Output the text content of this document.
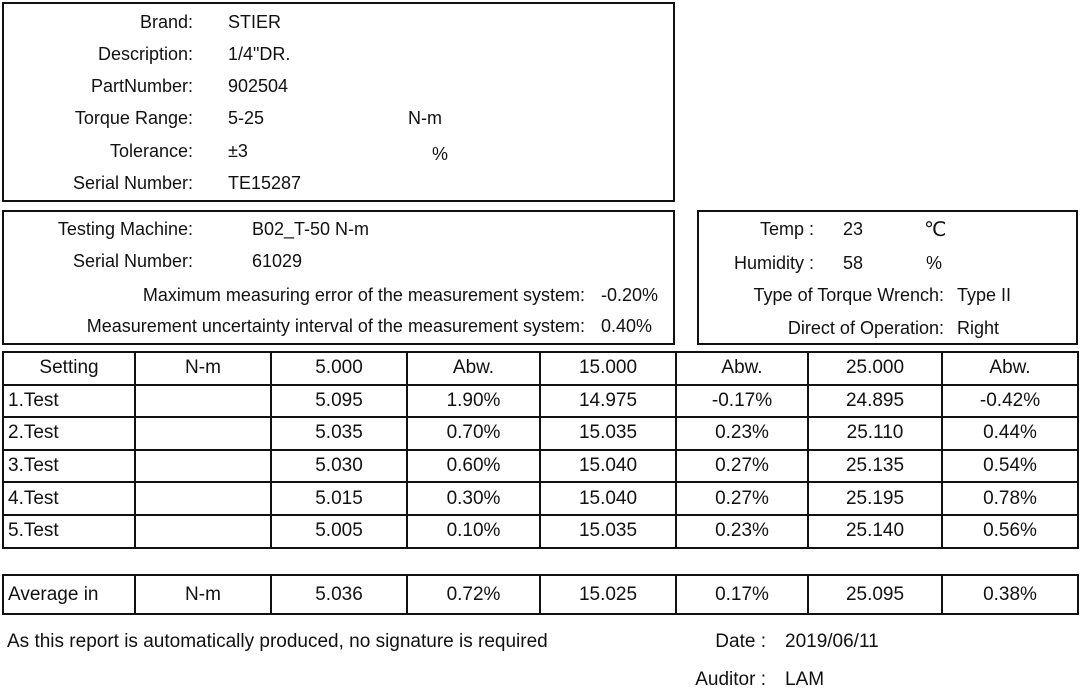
Brand: STIER
Description: 1/4"DR.
PartNumber: 902504
Torque Range: 5-25	N-m
Tolerance: ±3	%
Serial Number: TE15287
Testing Machine:	B02_T-50 N-m
Serial Number:	61029
Maximum measuring error of the measurement system: -0.20%
Measurement uncertainty interval of the measurement system: 0.40%
Temp : 23	℃
Humidity : 58	%
Type of Torque Wrench: Type II
Direct of Operation: Right
Setting	N-m	5.000	Abw.	15.000	Abw.	25.000	Abw.
1.Test		5.095	1.90%	14.975	-0.17%	24.895	-0.42%
2.Test		5.035	0.70%	15.035	0.23%	25.110	0.44%
3.Test		5.030	0.60%	15.040	0.27%	25.135	0.54%
4.Test		5.015	0.30%	15.040	0.27%	25.195	0.78%
5.Test		5.005	0.10%	15.035	0.23%	25.140	0.56%
Average in	N-m	5.036	0.72%	15.025	0.17%	25.095	0.38%
As this report is automatically produced, no signature is required	Date : 2019/06/11
Auditor : LAM
